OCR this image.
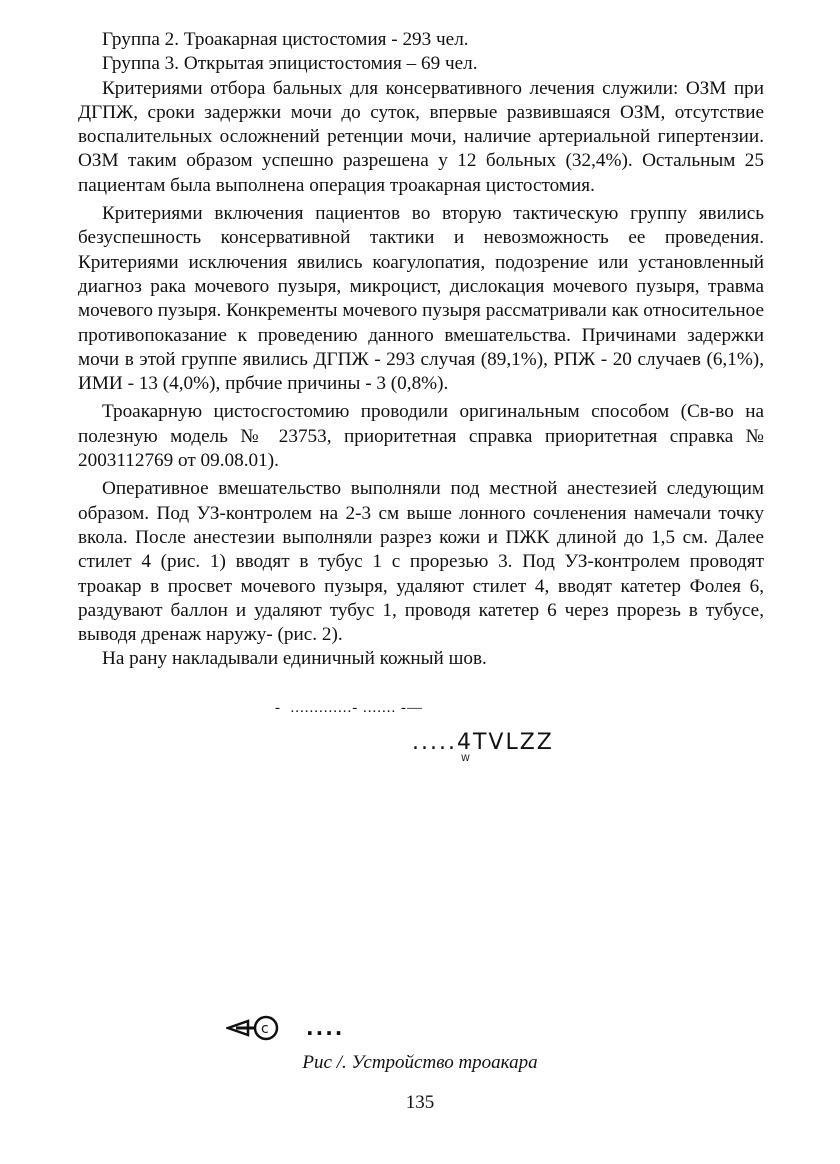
Группа 2. Троакарная цистостомия - 293 чел.

Группа 3. Открытая эпицистостомия – 69 чел.

Критериями отбора бальных для консервативного лечения служили: ОЗМ при ДГПЖ, сроки задержки мочи до суток, впервые развившаяся ОЗМ, отсутствие воспалительных осложнений ретенции мочи, наличие артериальной гипертензии. ОЗМ таким образом успешно разрешена у 12 больных (32,4%). Остальным 25 пациентам была выполнена операция троакарная цистостомия.

Критериями включения пациентов во вторую тактическую группу явились безуспешность консервативной тактики и невозможность ее проведения. Критериями исключения явились коагулопатия, подозрение или установленный диагноз рака мочевого пузыря, микроцист, дислокация мочевого пузыря, травма мочевого пузыря. Конкременты мочевого пузыря рассматривали как относительное противопоказание к проведению данного вмешательства. Причинами задержки мочи в этой группе явились ДГПЖ - 293 случая (89,1%), РПЖ - 20 случаев (6,1%), ИМИ - 13 (4,0%), прбчие причины - 3 (0,8%).

Троакарную цистосгостомию проводили оригинальным способом (Св-во на полезную модель № 23753, приоритетная справка приоритетная справка № 2003112769 от 09.08.01).

Оперативное вмешательство выполняли под местной анестезией следующим образом. Под УЗ-контролем на 2-3 см выше лонного сочленения намечали точку вкола. После анестезии выполняли разрез кожи и ПЖК длиной до 1,5 см. Далее стилет 4 (рис. 1) вводят в тубус 1 с прорезью 3. Под УЗ-контролем проводят троакар в просвет мочевого пузыря, удаляют стилет 4, вводят катетер Фолея 6, раздувают баллон и удаляют тубус 1, проводя катетер 6 через прорезь в тубусе, выводя дренаж наружу- (рис. 2).

На рану накладывали единичный кожный шов.

-  .............- ....... -—
.....4TVLZZ
W
c ....
Рис /. Устройство троакара
135
